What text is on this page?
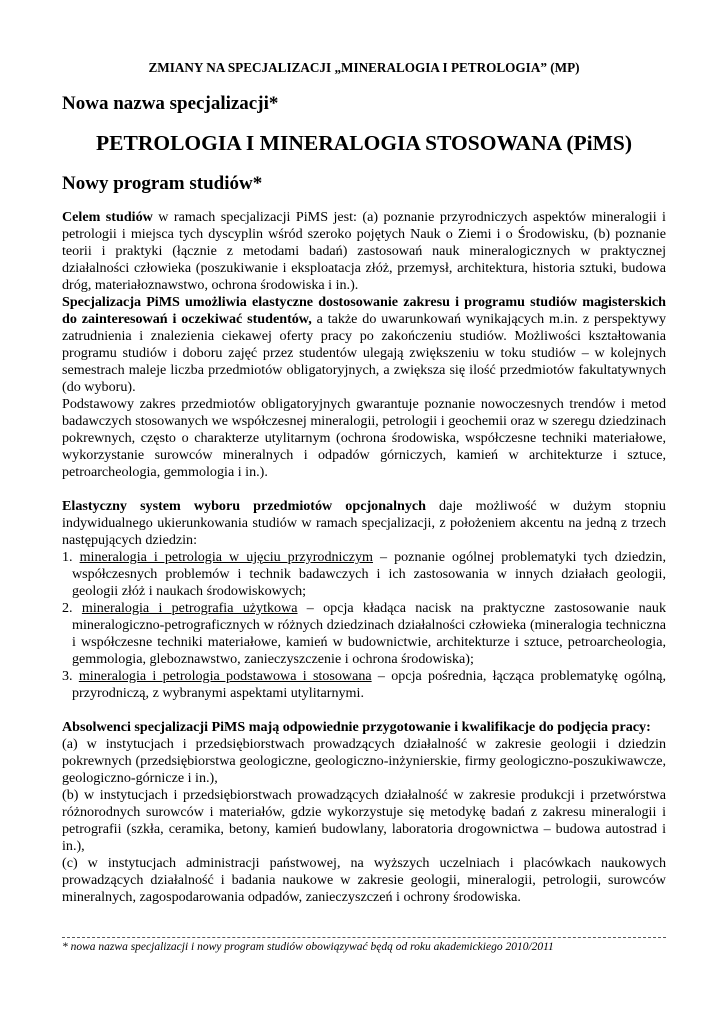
ZMIANY NA SPECJALIZACJI „MINERALOGIA I PETROLOGIA” (MP)
Nowa nazwa specjalizacji*
PETROLOGIA I MINERALOGIA STOSOWANA (PiMS)
Nowy program studiów*

Celem studiów w ramach specjalizacji PiMS jest: (a) poznanie przyrodniczych aspektów mineralogii i petrologii i miejsca tych dyscyplin wśród szeroko pojętych Nauk o Ziemi i o Środowisku, (b) poznanie teorii i praktyki (łącznie z metodami badań) zastosowań nauk mineralogicznych w praktycznej działalności człowieka (poszukiwanie i eksploatacja złóż, przemysł, architektura, historia sztuki, budowa dróg, materiałoznawstwo, ochrona środowiska i in.).

Specjalizacja PiMS umożliwia elastyczne dostosowanie zakresu i programu studiów magisterskich do zainteresowań i oczekiwać studentów, a także do uwarunkowań wynikających m.in. z perspektywy zatrudnienia i znalezienia ciekawej oferty pracy po zakończeniu studiów. Możliwości kształtowania programu studiów i doboru zajęć przez studentów ulegają zwiększeniu w toku studiów – w kolejnych semestrach maleje liczba przedmiotów obligatoryjnych, a zwiększa się ilość przedmiotów fakultatywnych (do wyboru).

Podstawowy zakres przedmiotów obligatoryjnych gwarantuje poznanie nowoczesnych trendów i metod badawczych stosowanych we współczesnej mineralogii, petrologii i geochemii oraz w szeregu dziedzinach pokrewnych, często o charakterze utylitarnym (ochrona środowiska, współczesne techniki materiałowe, wykorzystanie surowców mineralnych i odpadów górniczych, kamień w architekturze i sztuce, petroarcheologia, gemmologia i in.).

Elastyczny system wyboru przedmiotów opcjonalnych daje możliwość w dużym stopniu indywidualnego ukierunkowania studiów w ramach specjalizacji, z położeniem akcentu na jedną z trzech następujących dziedzin:

1. mineralogia i petrologia w ujęciu przyrodniczym – poznanie ogólnej problematyki tych dziedzin, współczesnych problemów i technik badawczych i ich zastosowania w innych działach geologii, geologii złóż i naukach środowiskowych;
2. mineralogia i petrografia użytkowa – opcja kładąca nacisk na praktyczne zastosowanie nauk mineralogiczno-petrograficznych w różnych dziedzinach działalności człowieka (mineralogia techniczna i współczesne techniki materiałowe, kamień w budownictwie, architekturze i sztuce, petroarcheologia, gemmologia, gleboznawstwo, zanieczyszczenie i ochrona środowiska);
3. mineralogia i petrologia podstawowa i stosowana – opcja pośrednia, łącząca problematykę ogólną, przyrodniczą, z wybranymi aspektami utylitarnymi.

Absolwenci specjalizacji PiMS mają odpowiednie przygotowanie i kwalifikacje do podjęcia pracy:

(a) w instytucjach i przedsiębiorstwach prowadzących działalność w zakresie geologii i dziedzin pokrewnych (przedsiębiorstwa geologiczne, geologiczno-inżynierskie, firmy geologiczno-poszukiwawcze, geologiczno-górnicze i in.),

(b) w instytucjach i przedsiębiorstwach prowadzących działalność w zakresie produkcji i przetwórstwa różnorodnych surowców i materiałów, gdzie wykorzystuje się metodykę badań z zakresu mineralogii i petrografii (szkła, ceramika, betony, kamień budowlany, laboratoria drogownictwa – budowa autostrad i in.),

(c) w instytucjach administracji państwowej, na wyższych uczelniach i placówkach naukowych prowadzących działalność i badania naukowe w zakresie geologii, mineralogii, petrologii, surowców mineralnych, zagospodarowania odpadów, zanieczyszczeń i ochrony środowiska.

* nowa nazwa specjalizacji i nowy program studiów obowiązywać będą od roku akademickiego 2010/2011
